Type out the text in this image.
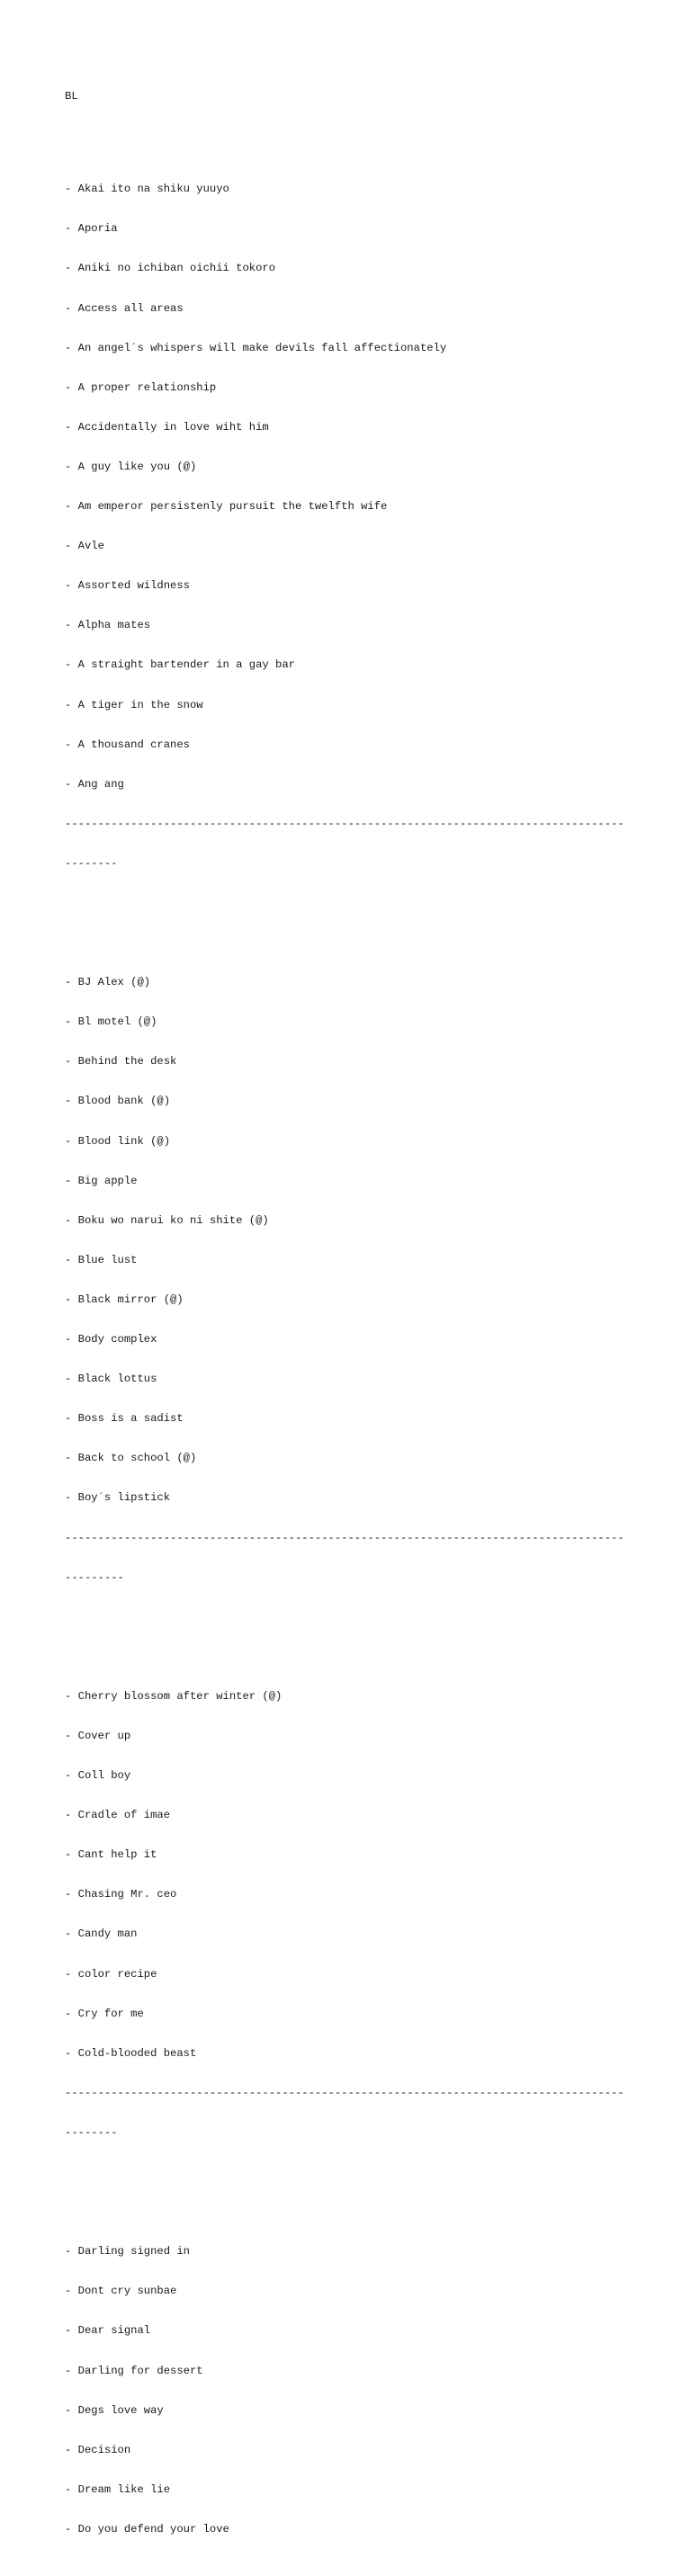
BL

- Akai ito na shiku yuuyo

- Aporia

- Aniki no ichiban oichii tokoro

- Access all areas

- An angel´s whispers will make devils fall affectionately

- A proper relationship

- Accidentally in love wiht him

- A guy like you (@)

- Am emperor persistenly pursuit the twelfth wife

- Avle

- Assorted wildness

- Alpha mates

- A straight bartender in a gay bar

- A tiger in the snow

- A thousand cranes

- Ang ang

-------------------------------------------------------------------------------------

--------

- BJ Alex (@)

- Bl motel (@)

- Behind the desk

- Blood bank (@)

- Blood link (@)

- Big apple

- Boku wo narui ko ni shite (@)

- Blue lust

- Black mirror (@)

- Body complex

- Black lottus

- Boss is a sadist

- Back to school (@)

- Boy´s lipstick

-------------------------------------------------------------------------------------

---------

- Cherry blossom after winter (@)

- Cover up

- Coll boy

- Cradle of imae

- Cant help it

- Chasing Mr. ceo

- Candy man

- color recipe

- Cry for me

- Cold-blooded beast

-------------------------------------------------------------------------------------

--------

- Darling signed in

- Dont cry sunbae

- Dear signal

- Darling for dessert

- Degs love way

- Decision

- Dream like lie

- Do you defend your love
